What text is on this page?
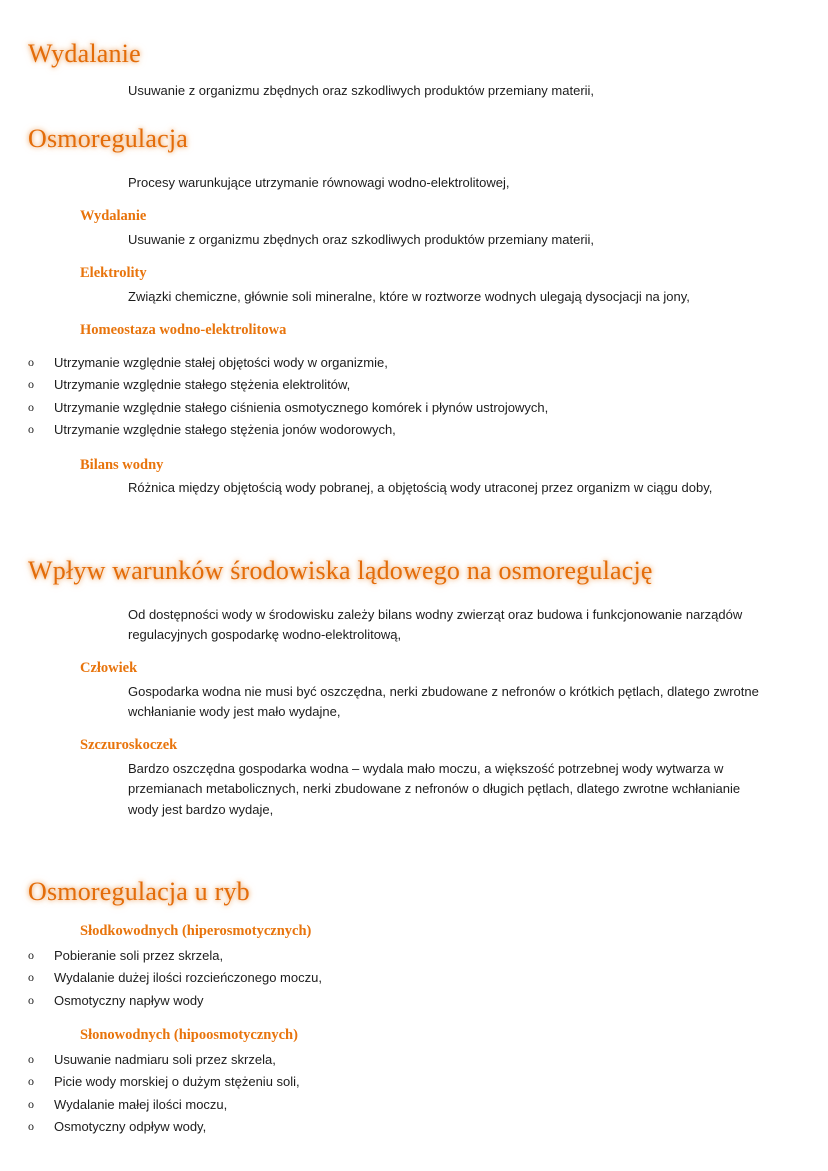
Wydalanie

Usuwanie z organizmu zbędnych oraz szkodliwych produktów przemiany materii,

Osmoregulacja

Procesy warunkujące utrzymanie równowagi wodno-elektrolitowej,

Wydalanie

Usuwanie z organizmu zbędnych oraz szkodliwych produktów przemiany materii,

Elektrolity

Związki chemiczne, głównie soli mineralne, które w roztworze wodnych ulegają dysocjacji na jony,

Homeostaza wodno-elektrolitowa
o Utrzymanie względnie stałej objętości wody w organizmie,
o Utrzymanie względnie stałego stężenia elektrolitów,
o Utrzymanie względnie stałego ciśnienia osmotycznego komórek i płynów ustrojowych,
o Utrzymanie względnie stałego stężenia jonów wodorowych,
Bilans wodny

Różnica między objętością wody pobranej, a objętością wody utraconej przez organizm w ciągu doby,

Wpływ warunków środowiska lądowego na osmoregulację

Od dostępności wody w środowisku zależy bilans wodny zwierząt oraz budowa i funkcjonowanie narządów regulacyjnych gospodarkę wodno-elektrolitową,

Człowiek

Gospodarka wodna nie musi być oszczędna, nerki zbudowane z nefronów o krótkich pętlach, dlatego zwrotne wchłanianie wody jest mało wydajne,

Szczuroskoczek

Bardzo oszczędna gospodarka wodna – wydala mało moczu, a większość potrzebnej wody wytwarza w przemianach metabolicznych, nerki zbudowane z nefronów o długich pętlach, dlatego zwrotne wchłanianie wody jest bardzo wydaje,

Osmoregulacja u ryb
Słodkowodnych (hiperosmotycznych)
o Pobieranie soli przez skrzela,
o Wydalanie dużej ilości rozcieńczonego moczu,
o Osmotyczny napływ wody
Słonowodnych (hipoosmotycznych)
o Usuwanie nadmiaru soli przez skrzela,
o Picie wody morskiej o dużym stężeniu soli,
o Wydalanie małej ilości moczu,
o Osmotyczny odpływ wody,
